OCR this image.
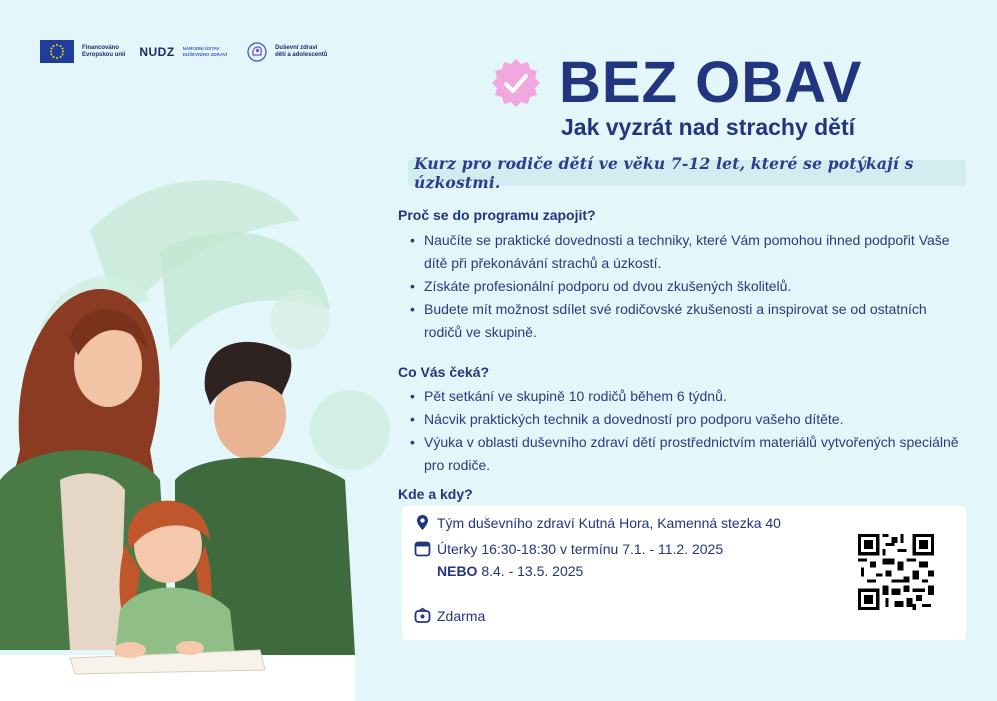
Financováno
Evropskou unií NUDZ NÁRODNÍ ÚSTAV
DUŠEVNÍHO ZDRAVÍ
Duševní zdraví
dětí a adolescentů	BEZ OBAV
Jak vyzrát nad strachy dětí
Kurz pro rodiče dětí ve věku 7-12 let, které se potýkají s úzkostmi.
Proč se do programu zapojit?
• Naučíte se praktické dovednosti a techniky, které Vám pomohou ihned podpořit Vaše dítě při překonávání strachů a úzkostí.
• Získáte profesionální podporu od dvou zkušených školitelů.
• Budete mít možnost sdílet své rodičovské zkušenosti a inspirovat se od ostatních rodičů ve skupině.
Co Vás čeká?
• Pět setkání ve skupině 10 rodičů během 6 týdnů.
• Nácvik praktických technik a dovedností pro podporu vašeho dítěte.
• Výuka v oblasti duševního zdraví dětí prostřednictvím materiálů vytvořených speciálně pro rodiče.
Kde a kdy?
Tým duševního zdraví Kutná Hora, Kamenná stezka 40
Úterky 16:30-18:30 v termínu 7.1. - 11.2. 2025
NEBO 8.4. - 13.5. 2025
Zdarma
